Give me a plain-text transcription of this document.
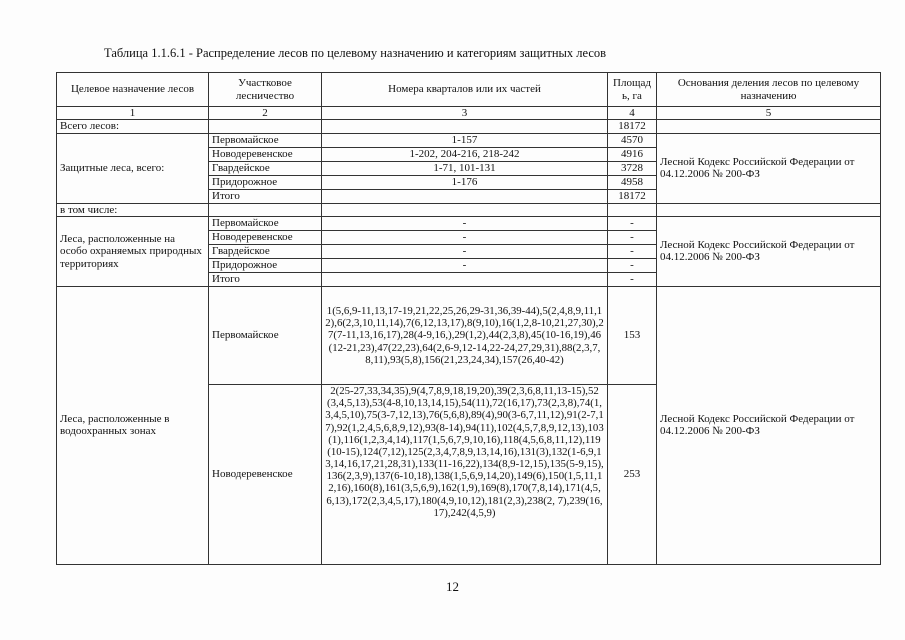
Таблица 1.1.6.1 - Распределение лесов по целевому назначению и категориям защитных лесов
Целевое назначение лесов	Участковое лесничество	Номера кварталов или их частей	Площад ь, га	Основания деления лесов по целевому назначению
1	2	3	4	5
Всего лесов:			18172	
Защитные леса, всего:	Первомайское	1-157	4570	Лесной Кодекс Российской Федерации от 04.12.2006 № 200-ФЗ
	Новодеревенское	1-202, 204-216, 218-242	4916	
	Гвардейское	1-71, 101-131	3728	
	Придорожное	1-176	4958	
	Итого		18172	
в том числе:				
Леса, расположенные на особо охраняемых природных территориях	Первомайское	-	-	Лесной Кодекс Российской Федерации от 04.12.2006 № 200-ФЗ
	Новодеревенское	-	-	
	Гвардейское	-	-	
	Придорожное	-	-	
	Итого		-	
Леса, расположенные в водоохранных зонах	Первомайское	1(5,6,9-11,13,17-19,21,22,25,26,29-31,36,39-44),5(2,4,8,9,11,12),6(2,3,10,11,14),7(6,12,13,17),8(9,10),16(1,2,8-10,21,27,30),27(7-11,13,16,17),28(4-9,16,),29(1,2),44(2,3,8),45(10-16,19),46(12-21,23),47(22,23),64(2,6-9,12-14,22-24,27,29,31),88(2,3,7,8,11),93(5,8),156(21,23,24,34),157(26,40-42)	153	Лесной Кодекс Российской Федерации от 04.12.2006 № 200-ФЗ
	Новодеревенское	2(25-27,33,34,35),9(4,7,8,9,18,19,20),39(2,3,6,8,11,13-15),52(3,4,5,13),53(4-8,10,13,14,15),54(11),72(16,17),73(2,3,8),74(1,3,4,5,10),75(3-7,12,13),76(5,6,8),89(4),90(3-6,7,11,12),91(2-7,17),92(1,2,4,5,6,8,9,12),93(8-14),94(11),102(4,5,7,8,9,12,13),103(1),116(1,2,3,4,14),117(1,5,6,7,9,10,16),118(4,5,6,8,11,12),119(10-15),124(7,12),125(2,3,4,7,8,9,13,14,16),131(3),132(1-6,9,13,14,16,17,21,28,31),133(11-16,22),134(8,9-12,15),135(5-9,15),136(2,3,9),137(6-10,18),138(1,5,6,9,14,20),149(6),150(1,5,11,12,16),160(8),161(3,5,6,9),162(1,9),169(8),170(7,8,14),171(4,5,6,13),172(2,3,4,5,17),180(4,9,10,12),181(2,3),238(2, 7),239(16,17),242(4,5,9)	253	
12
